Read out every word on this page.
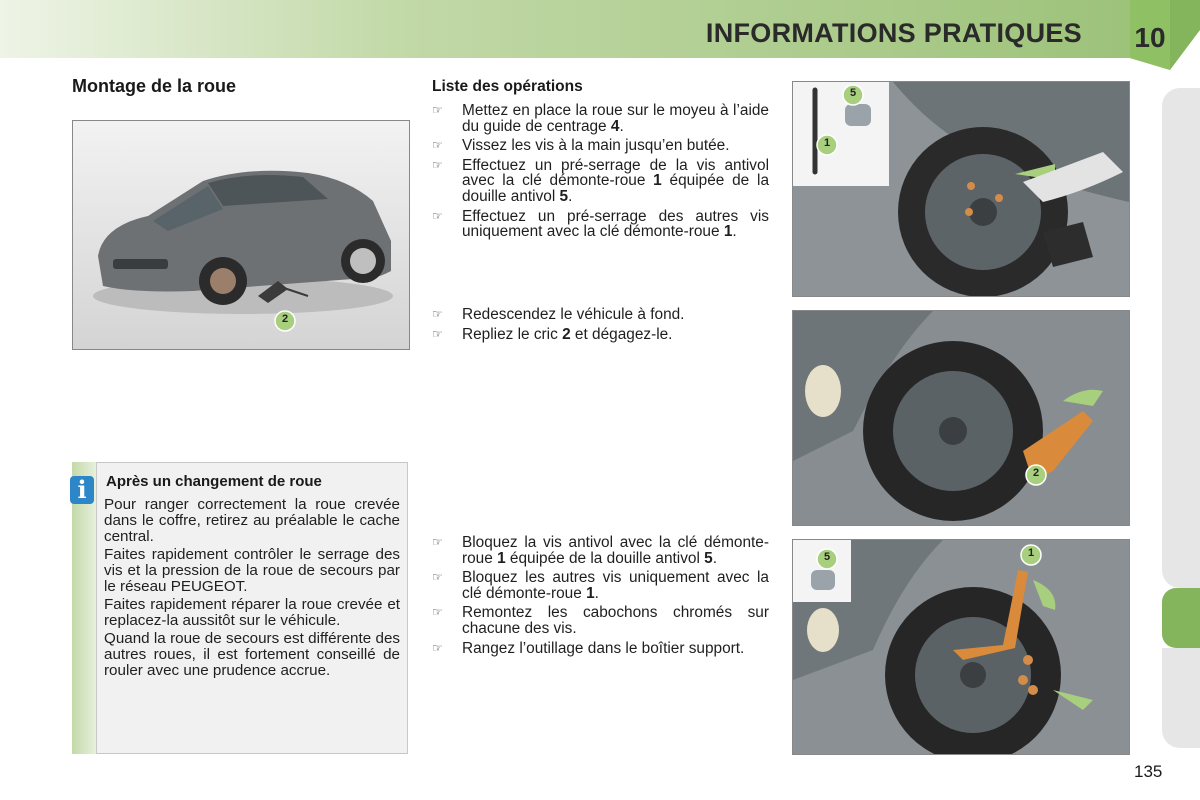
INFORMATIONS PRATIQUES 10
Montage de la roue
2
i	Après un changement de roue

Pour ranger correctement la roue crevée dans le coffre, retirez au préalable le cache central.

Faites rapidement contrôler le serrage des vis et la pression de la roue de secours par le réseau PEUGEOT.

Faites rapidement réparer la roue crevée et replacez-la aussitôt sur le véhicule.

Quand la roue de secours est différente des autres roues, il est fortement conseillé de rouler avec une prudence accrue.

Liste des opérations
☞ Mettez en place la roue sur le moyeu à l’aide du guide de centrage 4.
☞ Vissez les vis à la main jusqu’en butée.
☞ Effectuez un pré-serrage de la vis antivol avec la clé démonte-roue 1 équipée de la douille antivol 5.
☞ Effectuez un pré-serrage des autres vis uniquement avec la clé démonte-roue 1.
☞ Redescendez le véhicule à fond.
☞ Repliez le cric 2 et dégagez-le.
☞ Bloquez la vis antivol avec la clé démonte-roue 1 équipée de la douille antivol 5.
☞ Bloquez les autres vis uniquement avec la clé démonte-roue 1.
☞ Remontez les cabochons chromés sur chacune des vis.
☞ Rangez l’outillage dans le boîtier support.
5
1
2
5	1
135
